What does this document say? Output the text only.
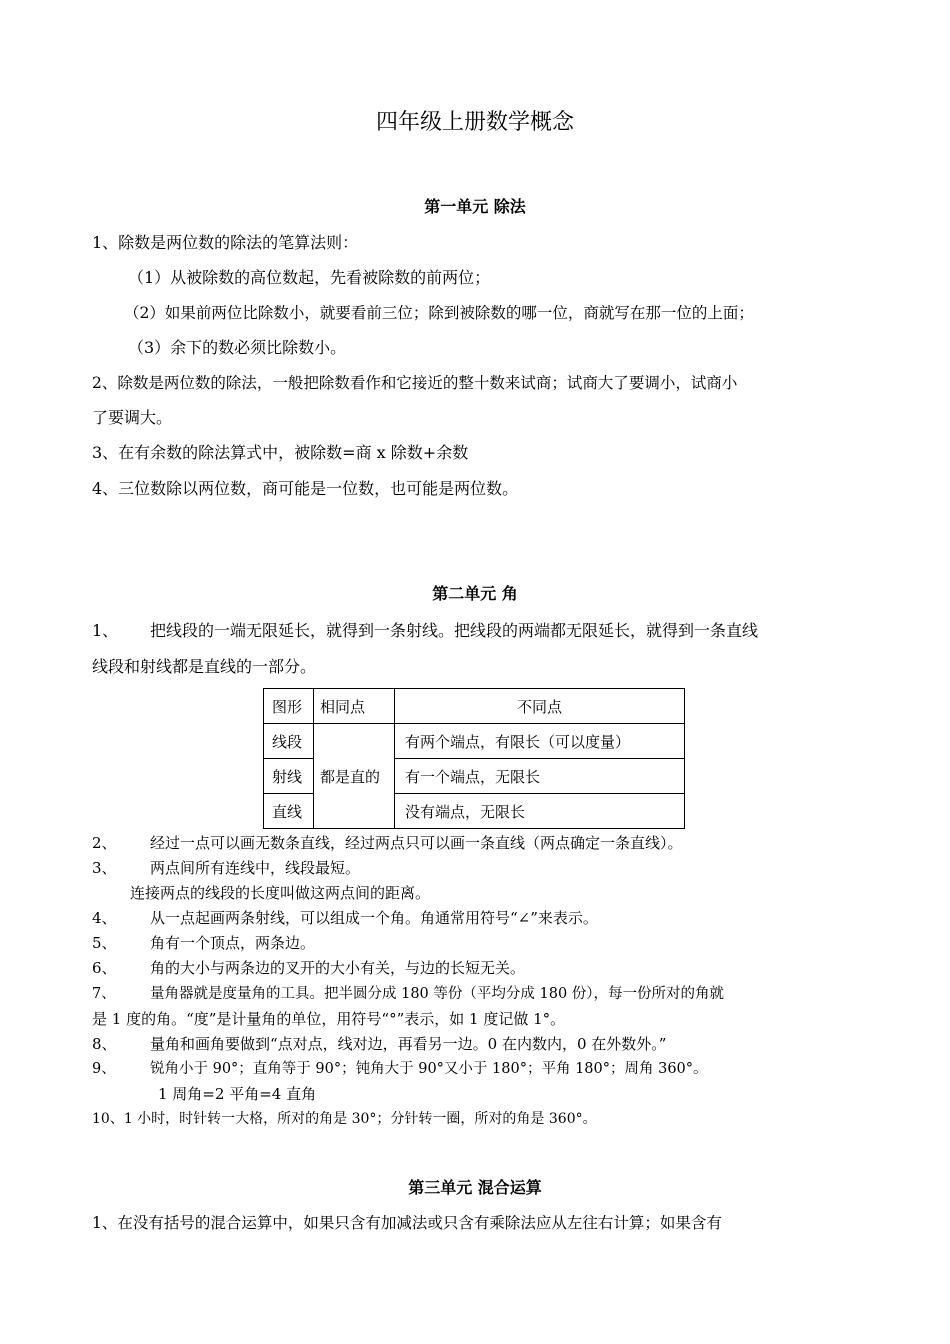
四年级上册数学概念
第一单元 除法
1、除数是两位数的除法的笔算法则：
（1）从被除数的高位数起，先看被除数的前两位；
（2）如果前两位比除数小，就要看前三位；除到被除数的哪一位，商就写在那一位的上面；
（3）余下的数必须比除数小。
2、除数是两位数的除法，一般把除数看作和它接近的整十数来试商；试商大了要调小，试商小
了要调大。
3、在有余数的除法算式中，被除数=商 x 除数+余数
4、三位数除以两位数，商可能是一位数，也可能是两位数。
第二单元 角
1、 把线段的一端无限延长，就得到一条射线。把线段的两端都无限延长，就得到一条直线
线段和射线都是直线的一部分。
图形	相同点	不同点
线段	都是直的	有两个端点，有限长（可以度量）
射线		有一个端点，无限长
直线		没有端点，无限长
2、 经过一点可以画无数条直线，经过两点只可以画一条直线（两点确定一条直线）。
3、 两点间所有连线中，线段最短。
连接两点的线段的长度叫做这两点间的距离。
4、 从一点起画两条射线，可以组成一个角。角通常用符号“∠”来表示。
5、 角有一个顶点，两条边。
6、 角的大小与两条边的叉开的大小有关，与边的长短无关。
7、 量角器就是度量角的工具。把半圆分成 180 等份（平均分成 180 份），每一份所对的角就
是 1 度的角。“度”是计量角的单位，用符号“°”表示，如 1 度记做 1°。
8、 量角和画角要做到“点对点，线对边，再看另一边。0 在内数内，0 在外数外。”
9、 锐角小于 90°；直角等于 90°；钝角大于 90°又小于 180°；平角 180°；周角 360°。
1 周角=2 平角=4 直角
10、1 小时，时针转一大格，所对的角是 30°；分针转一圈，所对的角是 360°。
第三单元 混合运算
1、在没有括号的混合运算中，如果只含有加减法或只含有乘除法应从左往右计算；如果含有
